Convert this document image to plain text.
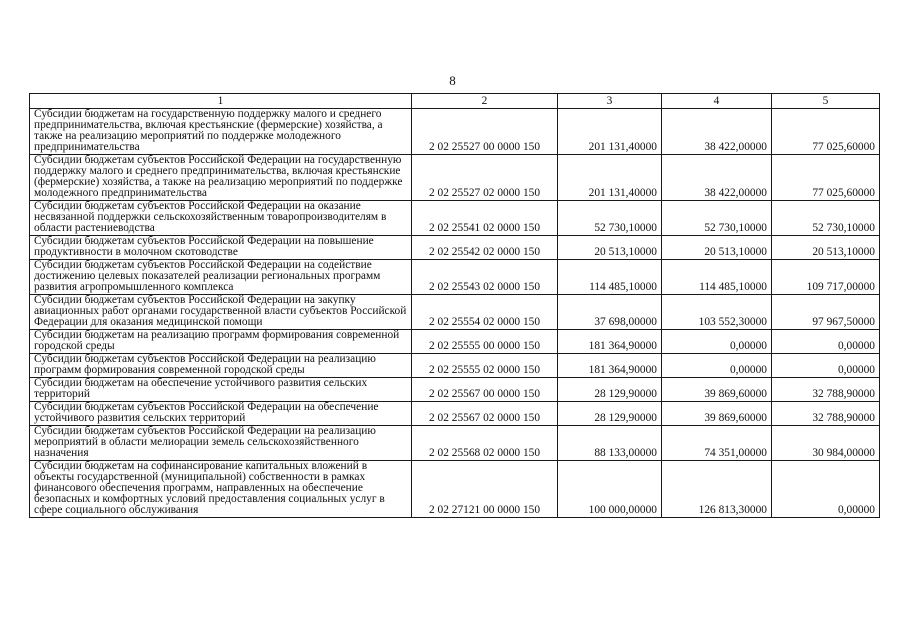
8
1	2	3	4	5
Субсидии бюджетам на государственную поддержку малого и среднего предпринимательства, включая крестьянские (фермерские) хозяйства, а также на реализацию мероприятий по поддержке молодежного предпринимательства	2 02 25527 00 0000 150	201 131,40000	38 422,00000	77 025,60000
Субсидии бюджетам субъектов Российской Федерации на государственную поддержку малого и среднего предпринимательства, включая крестьянские (фермерские) хозяйства, а также на реализацию мероприятий по поддержке молодежного предпринимательства	2 02 25527 02 0000 150	201 131,40000	38 422,00000	77 025,60000
Субсидии бюджетам субъектов Российской Федерации на оказание несвязанной поддержки сельскохозяйственным товаропроизводителям в области растениеводства	2 02 25541 02 0000 150	52 730,10000	52 730,10000	52 730,10000
Субсидии бюджетам субъектов Российской Федерации на повышение продуктивности в молочном скотоводстве	2 02 25542 02 0000 150	20 513,10000	20 513,10000	20 513,10000
Субсидии бюджетам субъектов Российской Федерации на содействие достижению целевых показателей реализации региональных программ развития агропромышленного комплекса	2 02 25543 02 0000 150	114 485,10000	114 485,10000	109 717,00000
Субсидии бюджетам субъектов Российской Федерации на закупку авиационных работ органами государственной власти субъектов Российской Федерации для оказания медицинской помощи	2 02 25554 02 0000 150	37 698,00000	103 552,30000	97 967,50000
Субсидии бюджетам на реализацию программ формирования современной городской среды	2 02 25555 00 0000 150	181 364,90000	0,00000	0,00000
Субсидии бюджетам субъектов Российской Федерации на реализацию программ формирования современной городской среды	2 02 25555 02 0000 150	181 364,90000	0,00000	0,00000
Субсидии бюджетам на обеспечение устойчивого развития сельских территорий	2 02 25567 00 0000 150	28 129,90000	39 869,60000	32 788,90000
Субсидии бюджетам субъектов Российской Федерации на обеспечение устойчивого развития сельских территорий	2 02 25567 02 0000 150	28 129,90000	39 869,60000	32 788,90000
Субсидии бюджетам субъектов Российской Федерации на реализацию мероприятий в области мелиорации земель сельскохозяйственного назначения	2 02 25568 02 0000 150	88 133,00000	74 351,00000	30 984,00000
Субсидии бюджетам на софинансирование капитальных вложений в объекты государственной (муниципальной) собственности в рамках финансового обеспечения программ, направленных на обеспечение безопасных и комфортных условий предоставления социальных услуг в сфере социального обслуживания	2 02 27121 00 0000 150	100 000,00000	126 813,30000	0,00000
